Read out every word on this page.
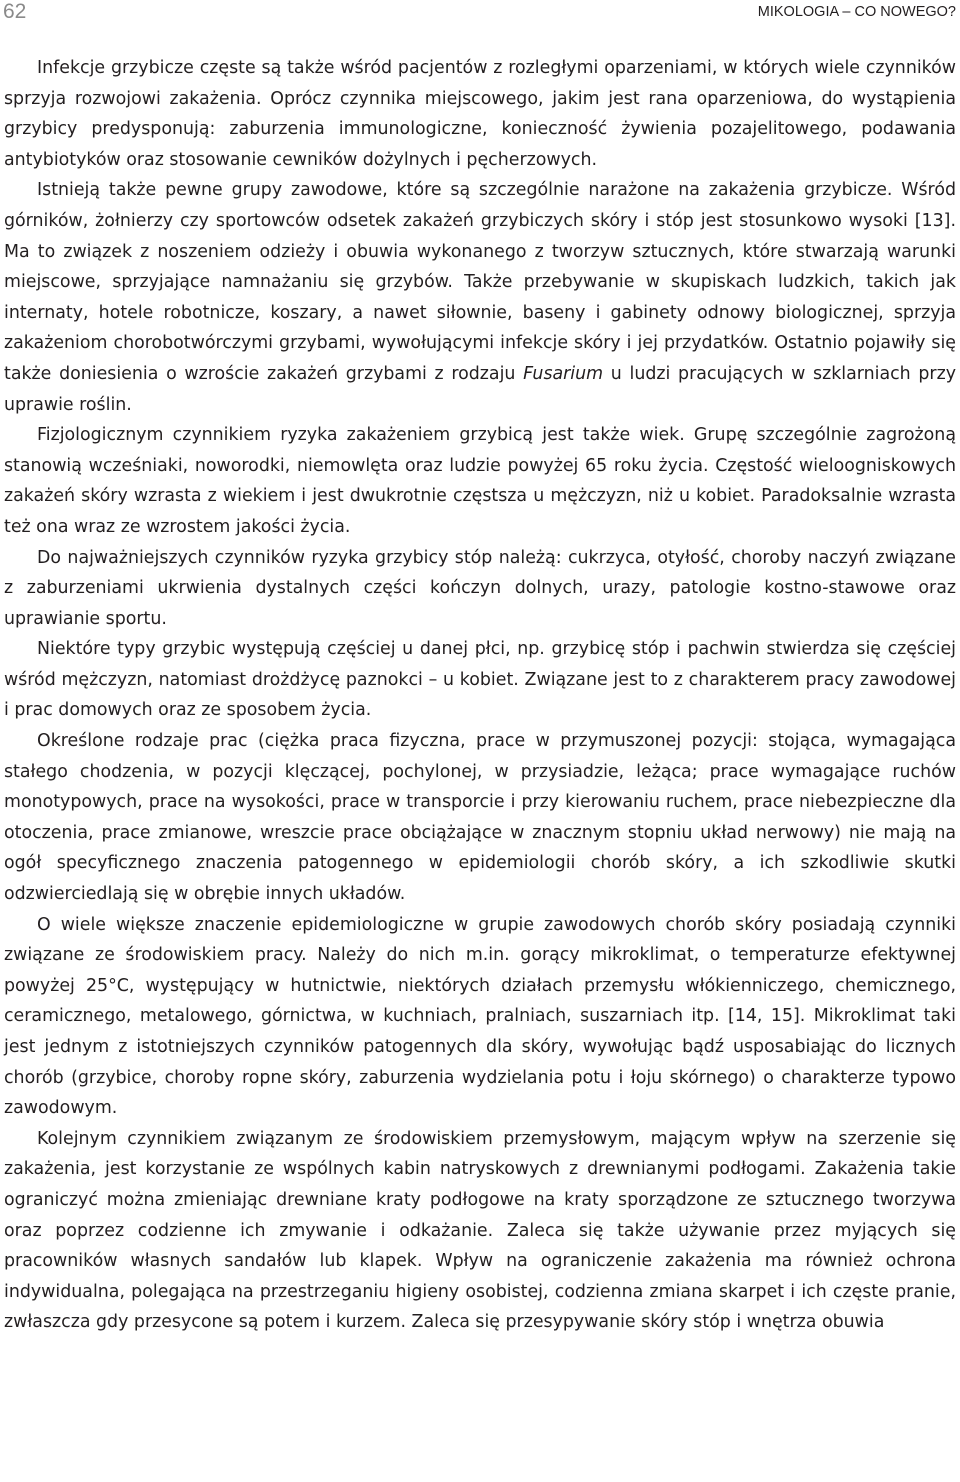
62	MIKOLOGIA – CO NOWEGO?

Infekcje grzybicze częste są także wśród pacjentów z rozległymi oparzeniami, w których wiele czynników sprzyja rozwojowi zakażenia. Oprócz czynnika miejscowego, jakim jest rana oparzeniowa, do wystąpienia grzybicy predysponują: zaburzenia immunologiczne, konieczność żywienia pozajelitowego, podawania antybiotyków oraz stosowanie cewników dożylnych i pęcherzowych.

Istnieją także pewne grupy zawodowe, które są szczególnie narażone na zakażenia grzybicze. Wśród górników, żołnierzy czy sportowców odsetek zakażeń grzybiczych skóry i stóp jest stosunkowo wysoki [13]. Ma to związek z noszeniem odzieży i obuwia wykonanego z tworzyw sztucznych, które stwarzają warunki miejscowe, sprzyjające namnażaniu się grzybów. Także przebywanie w skupiskach ludzkich, takich jak internaty, hotele robotnicze, koszary, a nawet siłownie, baseny i gabinety odnowy biologicznej, sprzyja zakażeniom chorobotwórczymi grzybami, wywołującymi infekcje skóry i jej przydatków. Ostatnio pojawiły się także doniesienia o wzroście zakażeń grzybami z rodzaju Fusarium u ludzi pracujących w szklarniach przy uprawie roślin.

Fizjologicznym czynnikiem ryzyka zakażeniem grzybicą jest także wiek. Grupę szczególnie zagrożoną stanowią wcześniaki, noworodki, niemowlęta oraz ludzie powyżej 65 roku życia. Częstość wieloogniskowych zakażeń skóry wzrasta z wiekiem i jest dwukrotnie częstsza u mężczyzn, niż u kobiet. Paradoksalnie wzrasta też ona wraz ze wzrostem jakości życia.

Do najważniejszych czynników ryzyka grzybicy stóp należą: cukrzyca, otyłość, choroby naczyń związane z zaburzeniami ukrwienia dystalnych części kończyn dolnych, urazy, patologie kostno-stawowe oraz uprawianie sportu.

Niektóre typy grzybic występują częściej u danej płci, np. grzybicę stóp i pachwin stwierdza się częściej wśród mężczyzn, natomiast drożdżycę paznokci – u kobiet. Związane jest to z charakterem pracy zawodowej i prac domowych oraz ze sposobem życia.

Określone rodzaje prac (ciężka praca fizyczna, prace w przymuszonej pozycji: stojąca, wymagająca stałego chodzenia, w pozycji klęczącej, pochylonej, w przysiadzie, leżąca; prace wymagające ruchów monotypowych, prace na wysokości, prace w transporcie i przy kierowaniu ruchem, prace niebezpieczne dla otoczenia, prace zmianowe, wreszcie prace obciążające w znacznym stopniu układ nerwowy) nie mają na ogół specyficznego znaczenia patogennego w epidemiologii chorób skóry, a ich szkodliwie skutki odzwierciedlają się w obrębie innych układów.

O wiele większe znaczenie epidemiologiczne w grupie zawodowych chorób skóry posiadają czynniki związane ze środowiskiem pracy. Należy do nich m.in. gorący mikroklimat, o temperaturze efektywnej powyżej 25°C, występujący w hutnictwie, niektórych działach przemysłu włókienniczego, chemicznego, ceramicznego, metalowego, górnictwa, w kuchniach, pralniach, suszarniach itp. [14, 15]. Mikroklimat taki jest jednym z istotniejszych czynników patogennych dla skóry, wywołując bądź usposabiając do licznych chorób (grzybice, choroby ropne skóry, zaburzenia wydzielania potu i łoju skórnego) o charakterze typowo zawodowym.

Kolejnym czynnikiem związanym ze środowiskiem przemysłowym, mającym wpływ na szerzenie się zakażenia, jest korzystanie ze wspólnych kabin natryskowych z drewnianymi podłogami. Zakażenia takie ograniczyć można zmieniając drewniane kraty podłogowe na kraty sporządzone ze sztucznego tworzywa oraz poprzez codzienne ich zmywanie i odkażanie. Zaleca się także używanie przez myjących się pracowników własnych sandałów lub klapek. Wpływ na ograniczenie zakażenia ma również ochrona indywidualna, polegająca na przestrzeganiu higieny osobistej, codzienna zmiana skarpet i ich częste pranie, zwłaszcza gdy przesycone są potem i kurzem. Zaleca się przesypywanie skóry stóp i wnętrza obuwia
